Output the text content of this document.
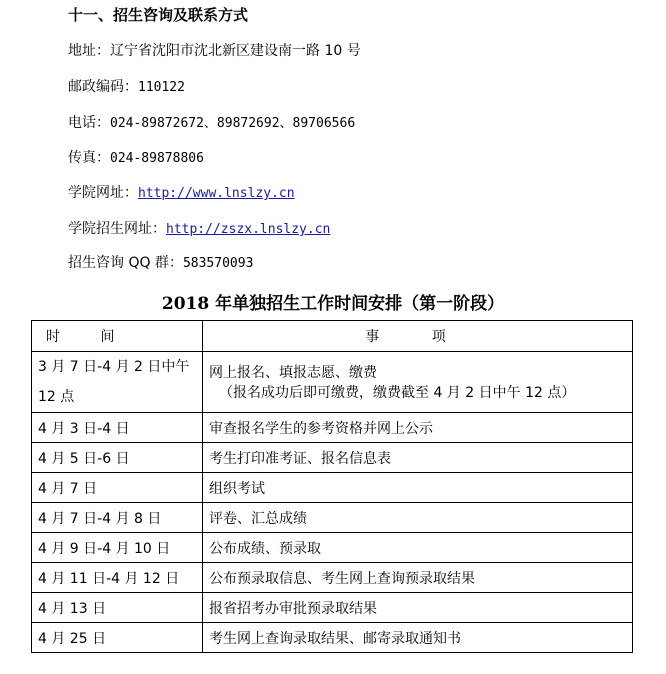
十一、招生咨询及联系方式
地址：辽宁省沈阳市沈北新区建设南一路 10 号
邮政编码：110122
电话：024-89872672、89872692、89706566
传真：024-89878806
学院网址：http://www.lnslzy.cn
学院招生网址：http://zszx.lnslzy.cn
招生咨询 QQ 群：583570093
2018 年单独招生工作时间安排（第一阶段）
时 间	事 项
3 月 7 日-4 月 2 日中午 12 点	网上报名、填报志愿、缴费
（报名成功后即可缴费，缴费截至 4 月 2 日中午 12 点）

4 月 3 日-4 日	审查报名学生的参考资格并网上公示
4 月 5 日-6 日	考生打印准考证、报名信息表
4 月 7 日	组织考试
4 月 7 日-4 月 8 日	评卷、汇总成绩
4 月 9 日-4 月 10 日	公布成绩、预录取
4 月 11 日-4 月 12 日	公布预录取信息、考生网上查询预录取结果
4 月 13 日	报省招考办审批预录取结果
4 月 25 日	考生网上查询录取结果、邮寄录取通知书
